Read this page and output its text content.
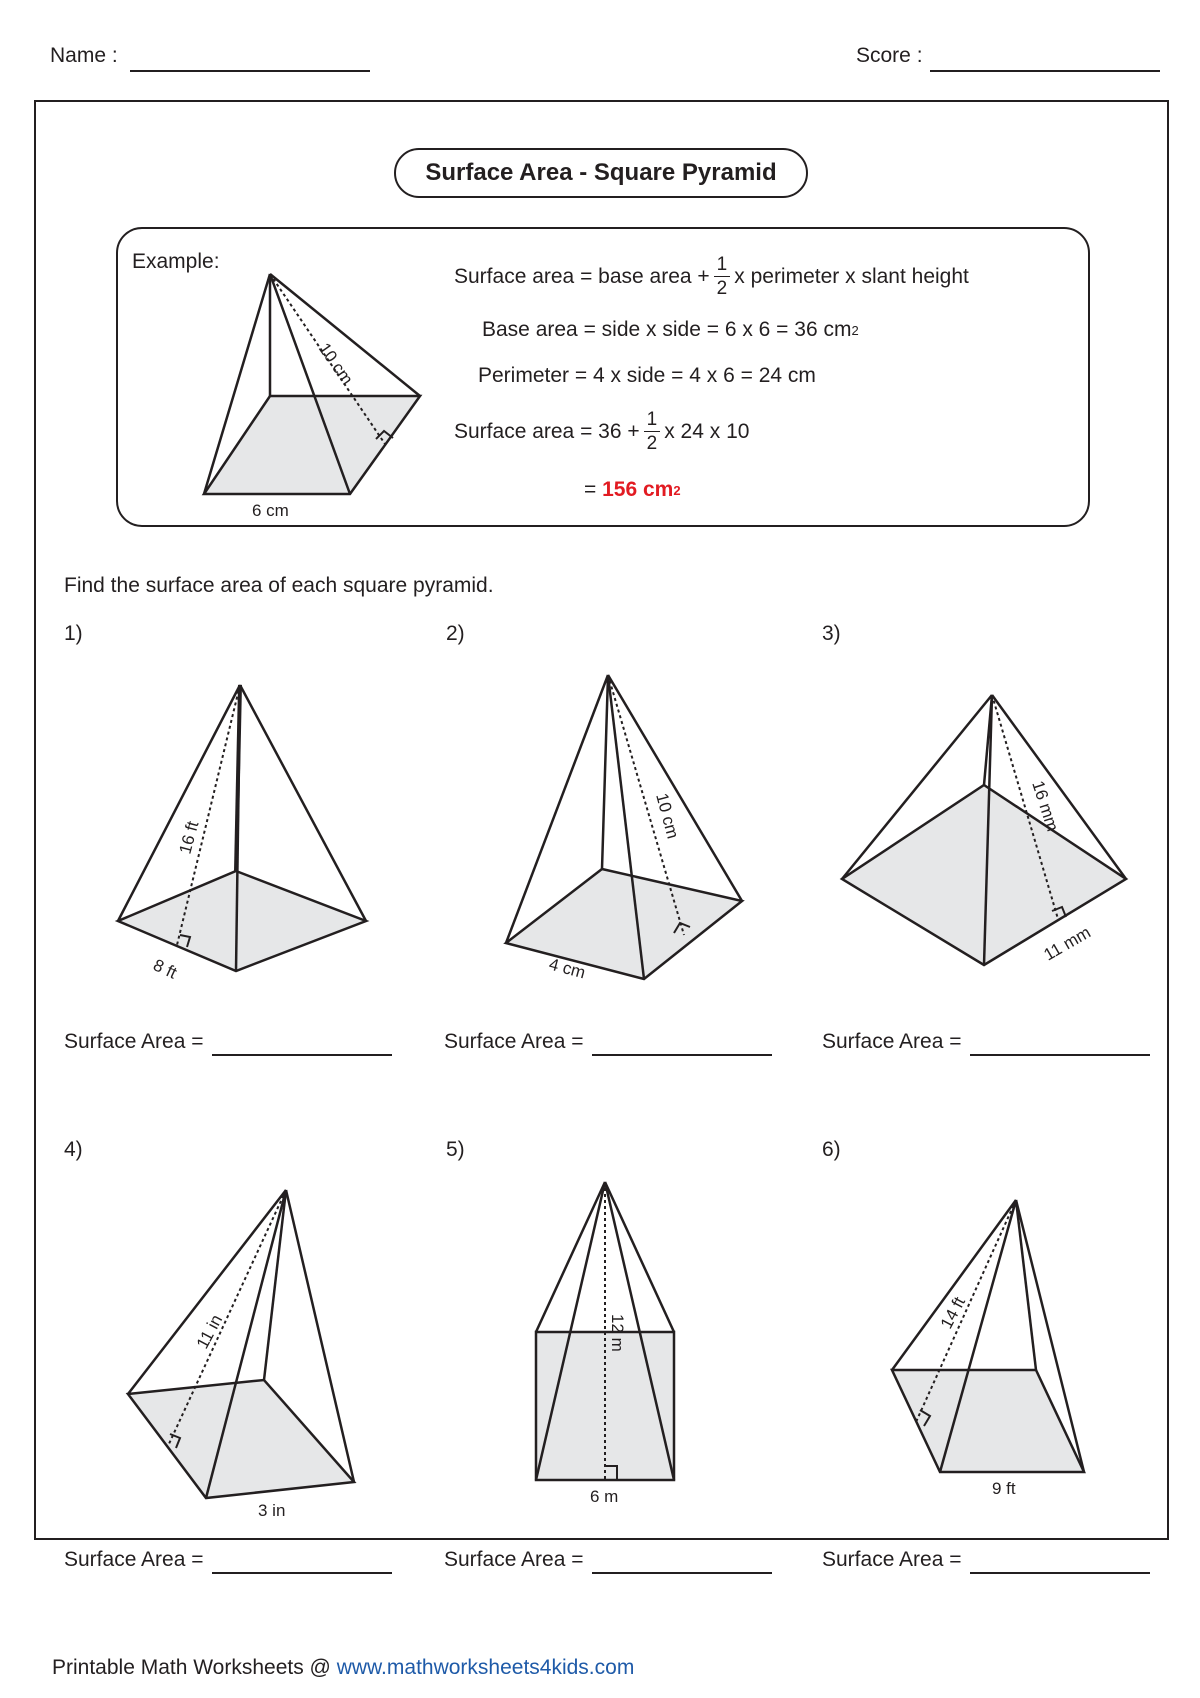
Name :	Score :
Surface Area - Square Pyramid
Example:
10 cm
6 cm
Surface area = base area + $\frac{1}{2}$ x perimeter x slant height
Base area = side x side = 6 x 6 = 36 cm 2
Perimeter = 4 x side = 4 x 6 = 24 cm
Surface area = $36 + \frac{1}{2}$ x 24 x 10
=
156 cm 2
Find the surface area of each square pyramid.
1)	2)	3)
4)	5)	6)
16 ft
8 ft
10 cm
4 cm
16 mm
11 mm
11 in
3 in
12 m
6 m
14 ft
9 ft
Surface Area =	Surface Area =	Surface Area =
Surface Area =	Surface Area =	Surface Area =
Printable Math Worksheets @ www.mathworksheets4kids.com
